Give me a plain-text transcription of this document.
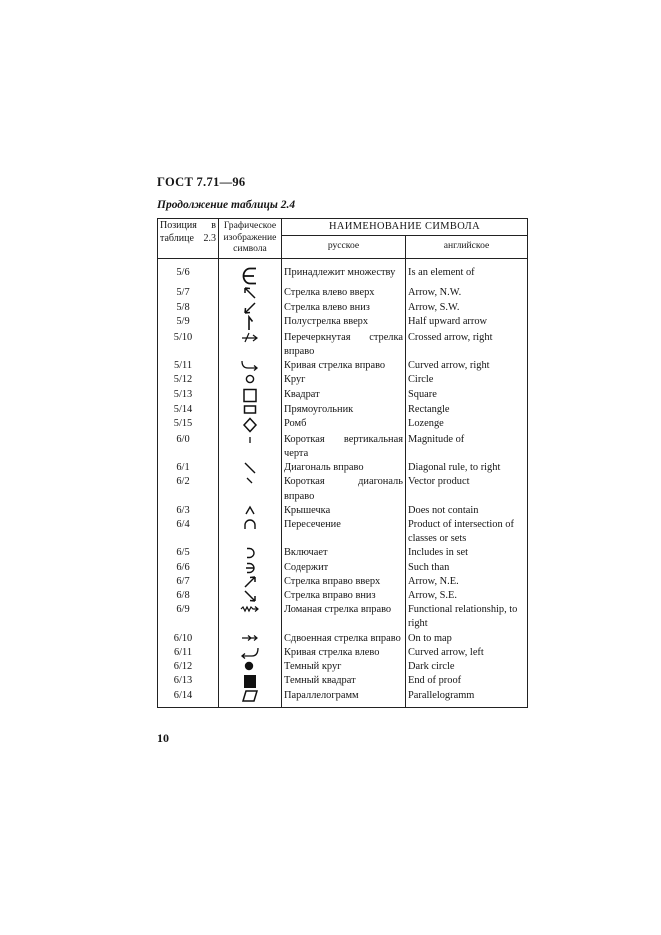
ГОСТ 7.71—96
Продолжение таблицы 2.4
Позиция в таблице 2.3	Графическое изображение символа	НАИМЕНОВАНИЕ СИМВОЛА	
		русское	английское
5/6		Принадлежит множеству	Is an element of
5/7		Стрелка влево вверх	Arrow, N.W.
5/8		Стрелка влево вниз	Arrow, S.W.
5/9		Полустрелка вверх	Half upward arrow
5/10		Перечеркнутая стрелка вправо	Crossed arrow, right
5/11		Кривая стрелка вправо	Curved arrow, right
5/12		Круг	Circle
5/13		Квадрат	Square
5/14		Прямоугольник	Rectangle
5/15		Ромб	Lozenge
6/0		Короткая вертикальная черта	Magnitude of
6/1		Диагональ вправо	Diagonal rule, to right
6/2		Короткая диагональ вправо	Vector product
6/3		Крышечка	Does not contain
6/4		Пересечение	Product of intersection of classes or sets
6/5		Включает	Includes in set
6/6		Содержит	Such than
6/7		Стрелка вправо вверх	Arrow, N.E.
6/8		Стрелка вправо вниз	Arrow, S.E.
6/9		Ломаная стрелка вправо	Functional relationship, to right
6/10		Сдвоенная стрелка вправо	On to map
6/11		Кривая стрелка влево	Curved arrow, left
6/12		Темный круг	Dark circle
6/13		Темный квадрат	End of proof
6/14		Параллелограмм	Parallelogramm
10
